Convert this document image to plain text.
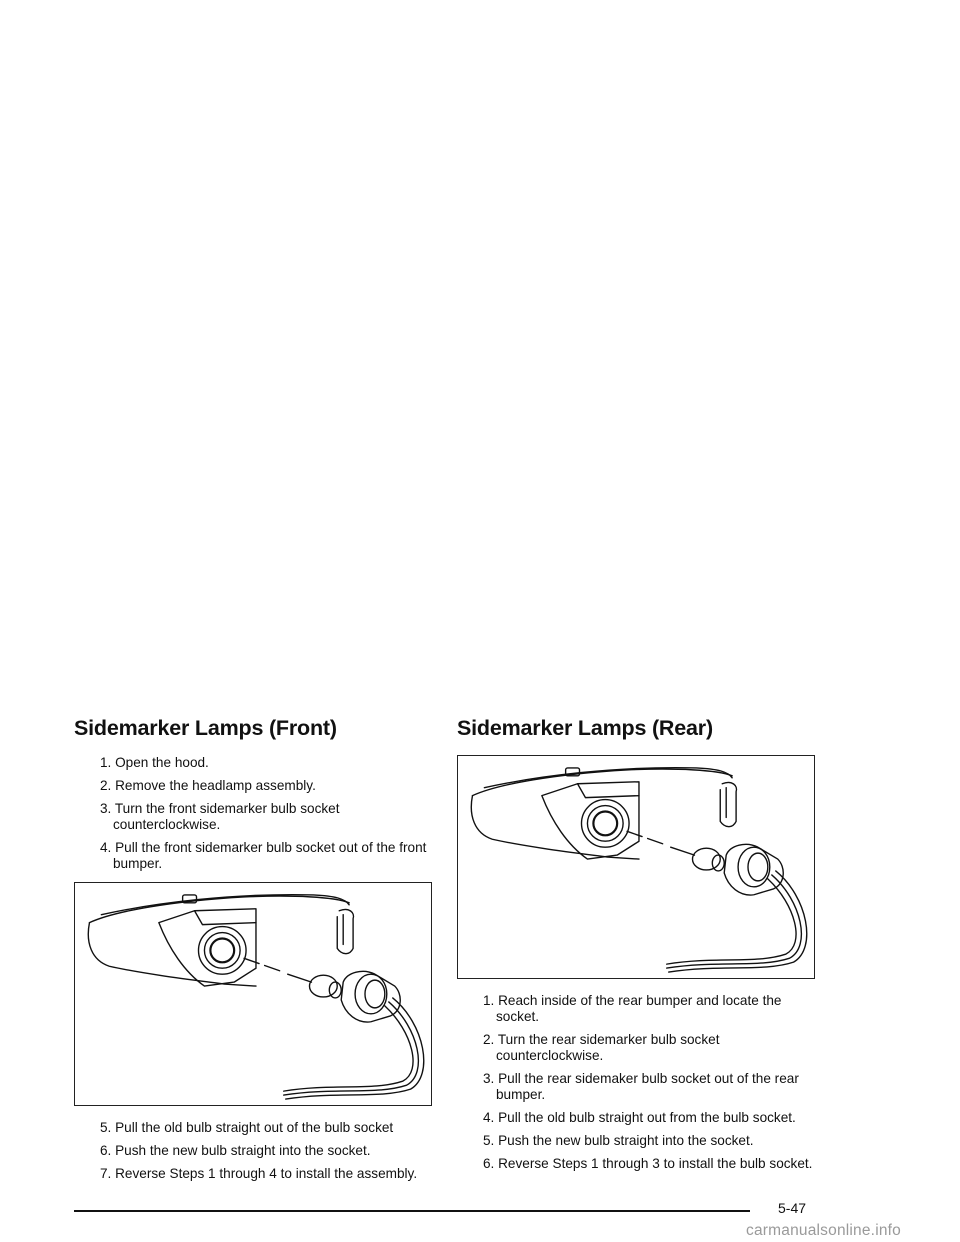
Sidemarker Lamps (Front)
1. Open the hood.
2. Remove the headlamp assembly.
3. Turn the front sidemarker bulb socket counterclockwise.
4. Pull the front sidemarker bulb socket out of the front bumper.
5. Pull the old bulb straight out of the bulb socket
6. Push the new bulb straight into the socket.
7. Reverse Steps 1 through 4 to install the assembly.
Sidemarker Lamps (Rear)
1. Reach inside of the rear bumper and locate the socket.
2. Turn the rear sidemarker bulb socket counterclockwise.
3. Pull the rear sidemaker bulb socket out of the rear bumper.
4. Pull the old bulb straight out from the bulb socket.
5. Push the new bulb straight into the socket.
6. Reverse Steps 1 through 3 to install the bulb socket.
5-47
carmanualsonline.info
